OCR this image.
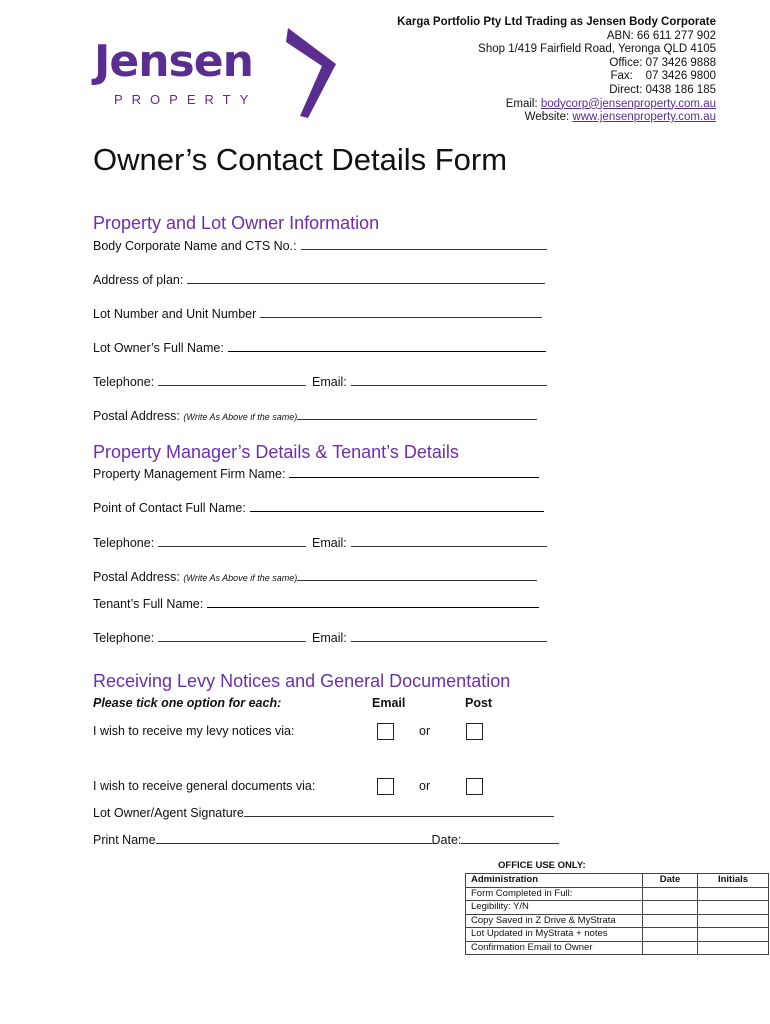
Jensen
PROPERTY
Karga Portfolio Pty Ltd Trading as Jensen Body Corporate
ABN: 66 611 277 902
Shop 1/419 Fairfield Road, Yeronga QLD 4105
Office: 07 3426 9888
Fax:    07 3426 9800
Direct: 0438 186 185
Email: bodycorp@jensenproperty.com.au
Website: www.jensenproperty.com.au
Owner’s Contact Details Form
Property and Lot Owner Information
Body Corporate Name and CTS No.:
Address of plan:
Lot Number and Unit Number
Lot Owner’s Full Name:
Telephone:	Email:
Postal Address: (Write As Above if the same)
Property Manager’s Details & Tenant’s Details
Property Management Firm Name:
Point of Contact Full Name:
Telephone:	Email:
Postal Address: (Write As Above if the same)
Tenant’s Full Name:
Telephone:	Email:
Receiving Levy Notices and General Documentation
Please tick one option for each:	Email	Post
I wish to receive my levy notices via:	or
I wish to receive general documents via:	or
Lot Owner/Agent Signature
Print Name	Date:
OFFICE USE ONLY:
Administration	Date	Initials
Form Completed in Full:		
Legibility: Y/N		
Copy Saved in Z Drive & MyStrata		
Lot Updated in MyStrata + notes		
Confirmation Email to Owner		
